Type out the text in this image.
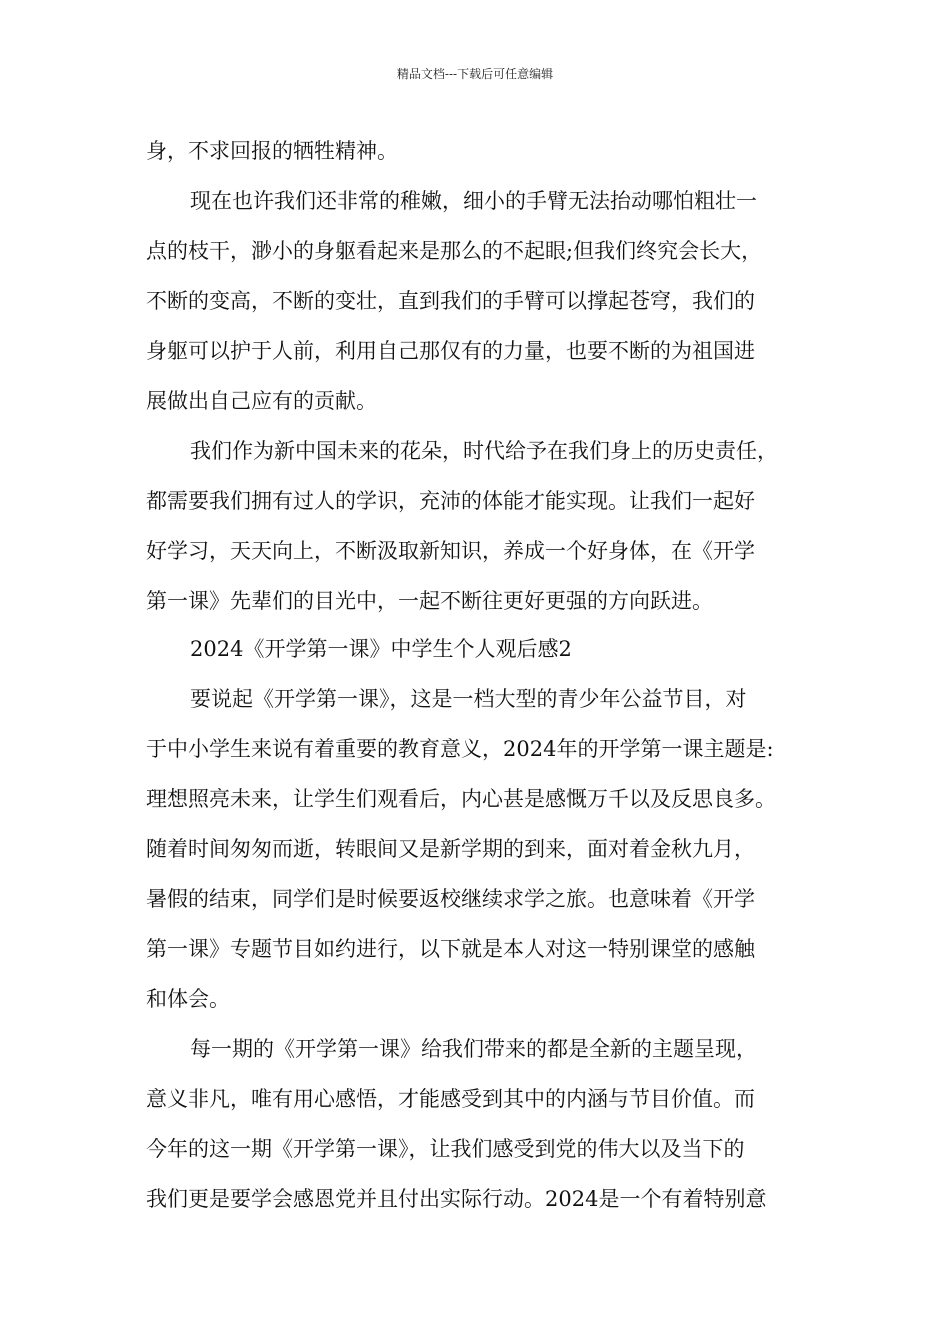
精品文档---下载后可任意编辑

身，不求回报的牺牲精神。

现在也许我们还非常的稚嫩，细小的手臂无法抬动哪怕粗壮一

点的枝干，渺小的身躯看起来是那么的不起眼;但我们终究会长大，

不断的变高，不断的变壮，直到我们的手臂可以撑起苍穹，我们的

身躯可以护于人前，利用自己那仅有的力量，也要不断的为祖国进

展做出自己应有的贡献。

我们作为新中国未来的花朵，时代给予在我们身上的历史责任，

都需要我们拥有过人的学识，充沛的体能才能实现。让我们一起好

好学习，天天向上，不断汲取新知识，养成一个好身体，在《开学

第一课》先辈们的目光中，一起不断往更好更强的方向跃进。

2024《开学第一课》中学生个人观后感2

要说起《开学第一课》，这是一档大型的青少年公益节目，对

于中小学生来说有着重要的教育意义，2024年的开学第一课主题是:

理想照亮未来，让学生们观看后，内心甚是感慨万千以及反思良多。

随着时间匆匆而逝，转眼间又是新学期的到来，面对着金秋九月，

暑假的结束，同学们是时候要返校继续求学之旅。也意味着《开学

第一课》专题节目如约进行，以下就是本人对这一特别课堂的感触

和体会。

每一期的《开学第一课》给我们带来的都是全新的主题呈现，

意义非凡，唯有用心感悟，才能感受到其中的内涵与节目价值。而

今年的这一期《开学第一课》，让我们感受到党的伟大以及当下的

我们更是要学会感恩党并且付出实际行动。2024是一个有着特别意
